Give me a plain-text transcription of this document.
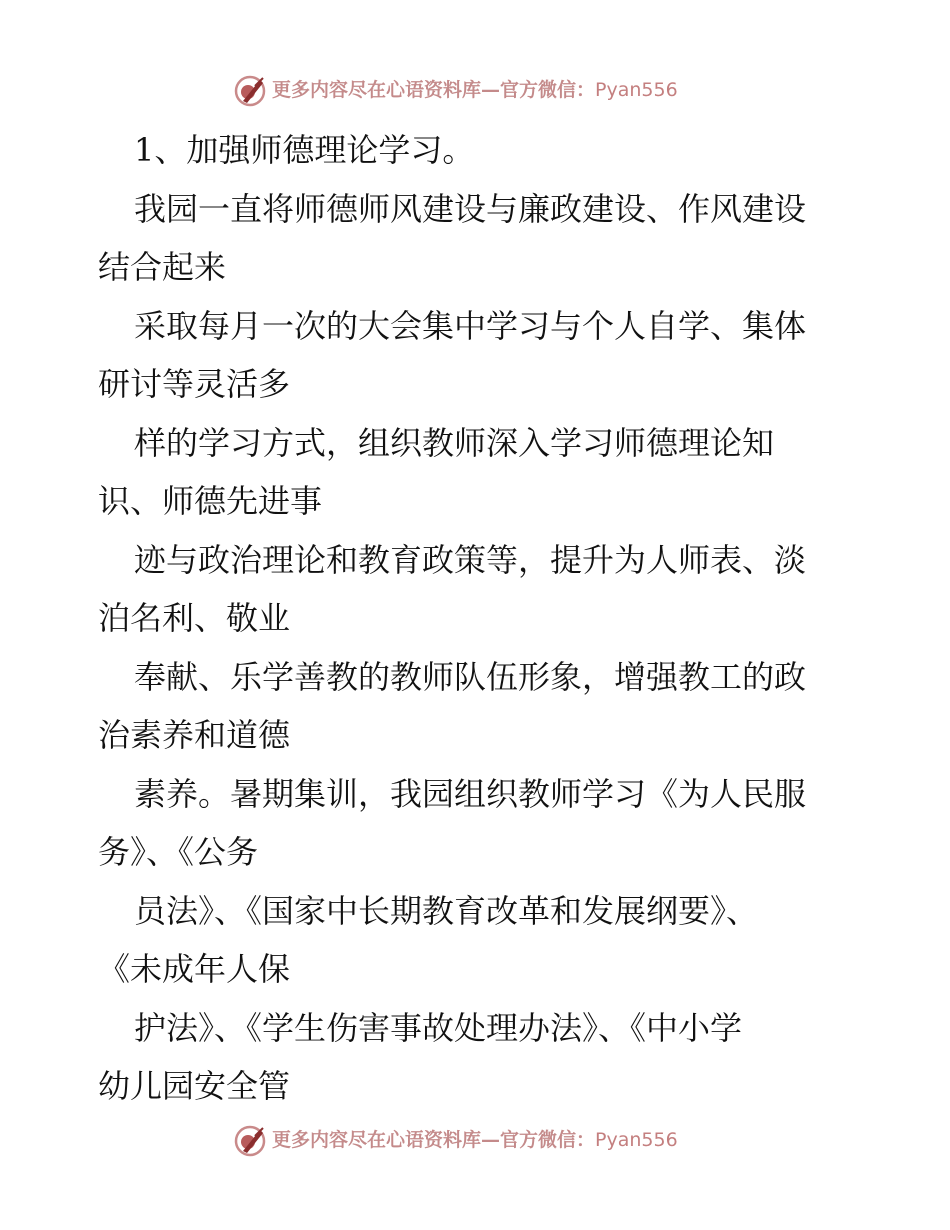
更多内容尽在心语资料库—官方微信：Pyan556
1、加强师德理论学习。
我园一直将师德师风建设与廉政建设、作风建设
结合起来
采取每月一次的大会集中学习与个人自学、集体
研讨等灵活多
样的学习方式，组织教师深入学习师德理论知
识、师德先进事
迹与政治理论和教育政策等，提升为人师表、淡
泊名利、敬业
奉献、乐学善教的教师队伍形象，增强教工的政
治素养和道德
素养。暑期集训，我园组织教师学习《为人民服
务》、《公务
员法》、《国家中长期教育改革和发展纲要》、
《未成年人保
护法》、《学生伤害事故处理办法》、《中小学
幼儿园安全管
更多内容尽在心语资料库—官方微信：Pyan556
